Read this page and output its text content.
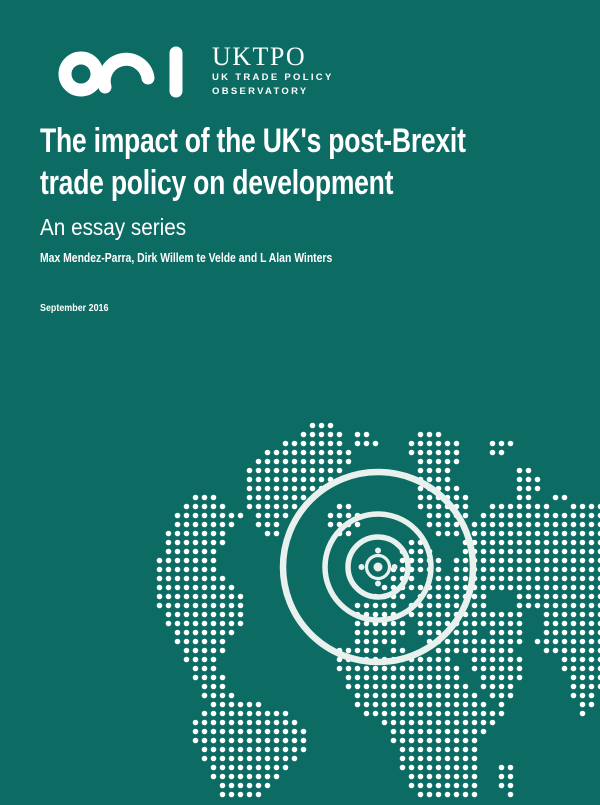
UKTPO
UK TRADE POLICY
OBSERVATORY
The impact of the UK's post-Brexit
trade policy on development
An essay series
Max Mendez-Parra, Dirk Willem te Velde and L Alan Winters
September 2016
